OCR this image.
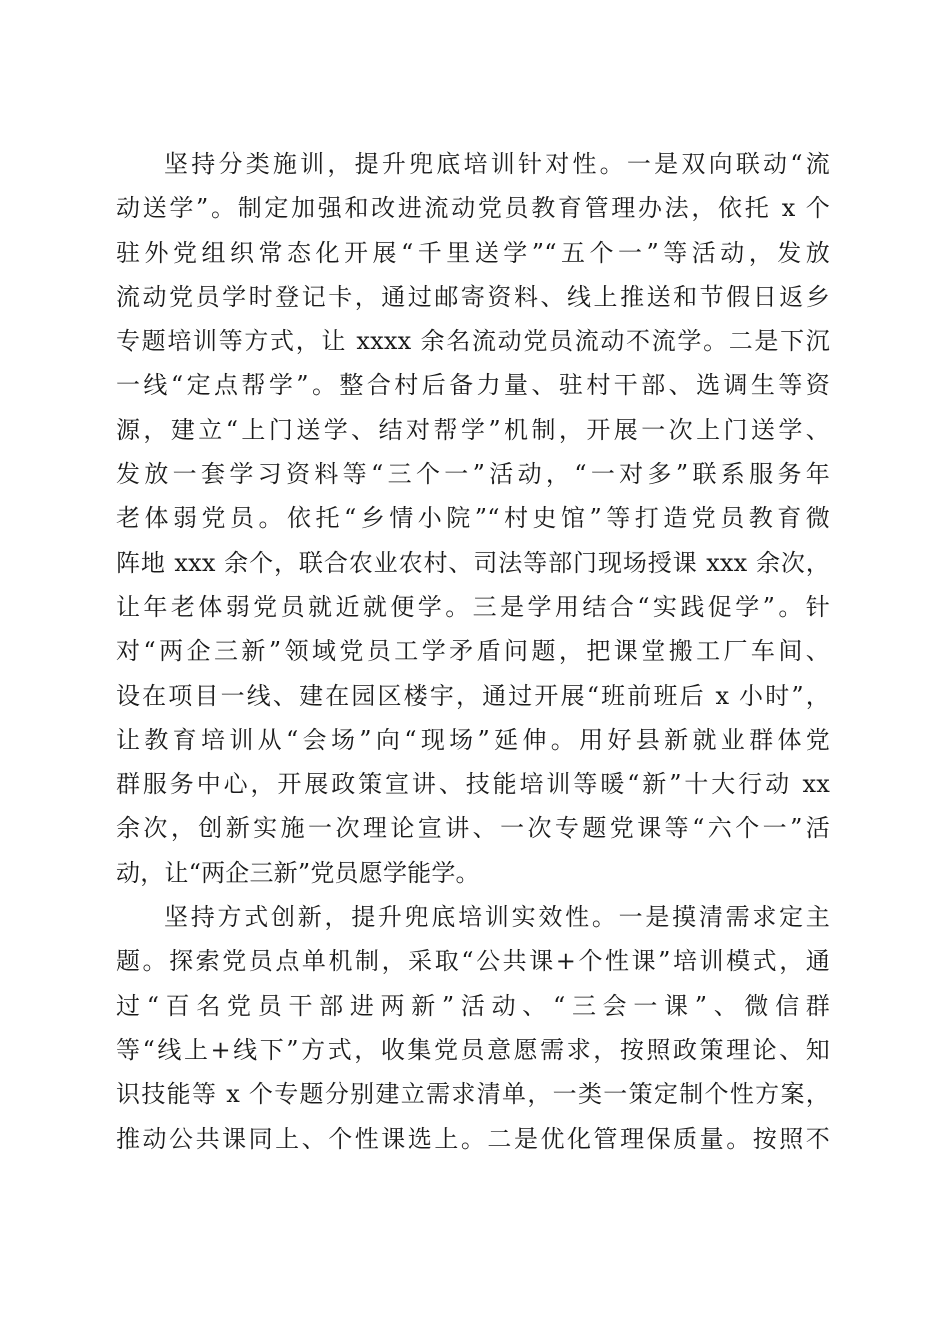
坚持分类施训，提升兜底培训针对性。一是双向联动“流
动送学”。制定加强和改进流动党员教育管理办法，依托 x 个
驻外党组织常态化开展“千里送学”“五个一”等活动，发放
流动党员学时登记卡，通过邮寄资料、线上推送和节假日返乡
专题培训等方式，让 xxxx 余名流动党员流动不流学。二是下沉
一线“定点帮学”。整合村后备力量、驻村干部、选调生等资
源，建立“上门送学、结对帮学”机制，开展一次上门送学、
发放一套学习资料等“三个一”活动，“一对多”联系服务年
老体弱党员。依托“乡情小院”“村史馆”等打造党员教育微
阵地 xxx 余个，联合农业农村、司法等部门现场授课 xxx 余次，
让年老体弱党员就近就便学。三是学用结合“实践促学”。针
对“两企三新”领域党员工学矛盾问题，把课堂搬工厂车间、
设在项目一线、建在园区楼宇，通过开展“班前班后 x 小时”，
让教育培训从“会场”向“现场”延伸。用好县新就业群体党
群服务中心，开展政策宣讲、技能培训等暖“新”十大行动 xx
余次，创新实施一次理论宣讲、一次专题党课等“六个一”活
动，让“两企三新”党员愿学能学。

坚持方式创新，提升兜底培训实效性。一是摸清需求定主
题。探索党员点单机制，采取“公共课+个性课”培训模式，通
过“百名党员干部进两新”活动、“三会一课”、微信群
等“线上+线下”方式，收集党员意愿需求，按照政策理论、知
识技能等 x 个专题分别建立需求清单，一类一策定制个性方案，
推动公共课同上、个性课选上。二是优化管理保质量。按照不
